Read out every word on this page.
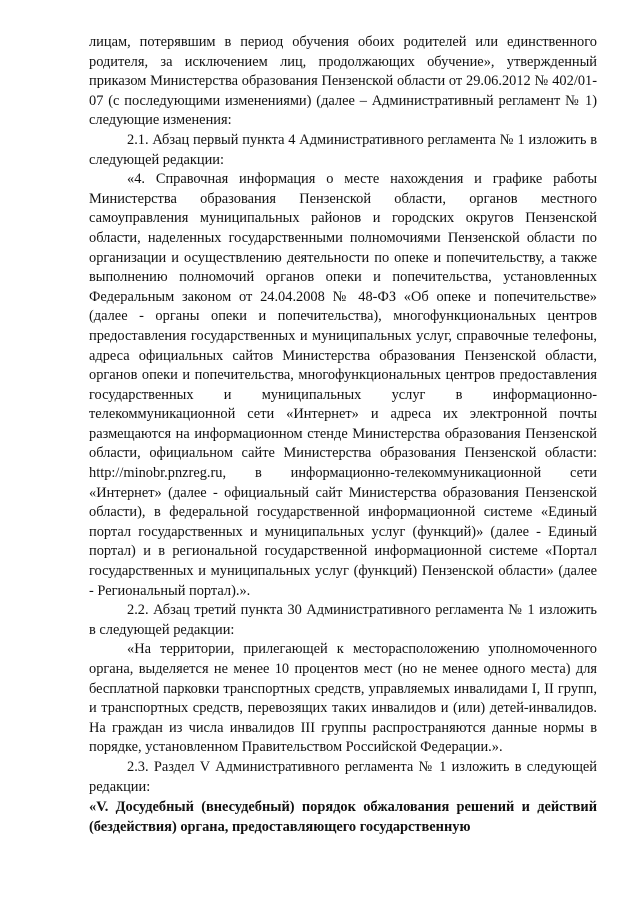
лицам, потерявшим в период обучения обоих родителей или единственного родителя, за исключением лиц, продолжающих обучение», утвержденный приказом Министерства образования Пензенской области от 29.06.2012 № 402/01-07 (с последующими изменениями) (далее – Административный регламент № 1) следующие изменения:

2.1. Абзац первый пункта 4 Административного регламента № 1 изложить в следующей редакции:

«4. Справочная информация о месте нахождения и графике работы Министерства образования Пензенской области, органов местного самоуправления муниципальных районов и городских округов Пензенской области, наделенных государственными полномочиями Пензенской области по организации и осуществлению деятельности по опеке и попечительству, а также выполнению полномочий органов опеки и попечительства, установленных Федеральным законом от 24.04.2008 № 48-ФЗ «Об опеке и попечительстве» (далее - органы опеки и попечительства), многофункциональных центров предоставления государственных и муниципальных услуг, справочные телефоны, адреса официальных сайтов Министерства образования Пензенской области, органов опеки и попечительства, многофункциональных центров предоставления государственных и муниципальных услуг в информационно-телекоммуникационной сети «Интернет» и адреса их электронной почты размещаются на информационном стенде Министерства образования Пензенской области, официальном сайте Министерства образования Пензенской области: http://minobr.pnzreg.ru, в информационно-телекоммуникационной сети «Интернет» (далее - официальный сайт Министерства образования Пензенской области), в федеральной государственной информационной системе «Единый портал государственных и муниципальных услуг (функций)» (далее - Единый портал) и в региональной государственной информационной системе «Портал государственных и муниципальных услуг (функций) Пензенской области» (далее - Региональный портал).».

2.2. Абзац третий пункта 30 Административного регламента № 1 изложить в следующей редакции:

«На территории, прилегающей к месторасположению уполномоченного органа, выделяется не менее 10 процентов мест (но не менее одного места) для бесплатной парковки транспортных средств, управляемых инвалидами I, II групп, и транспортных средств, перевозящих таких инвалидов и (или) детей-инвалидов. На граждан из числа инвалидов III группы распространяются данные нормы в порядке, установленном Правительством Российской Федерации.».

2.3. Раздел V Административного регламента № 1 изложить в следующей редакции:

«V. Досудебный (внесудебный) порядок обжалования решений и действий (бездействия) органа, предоставляющего государственную
